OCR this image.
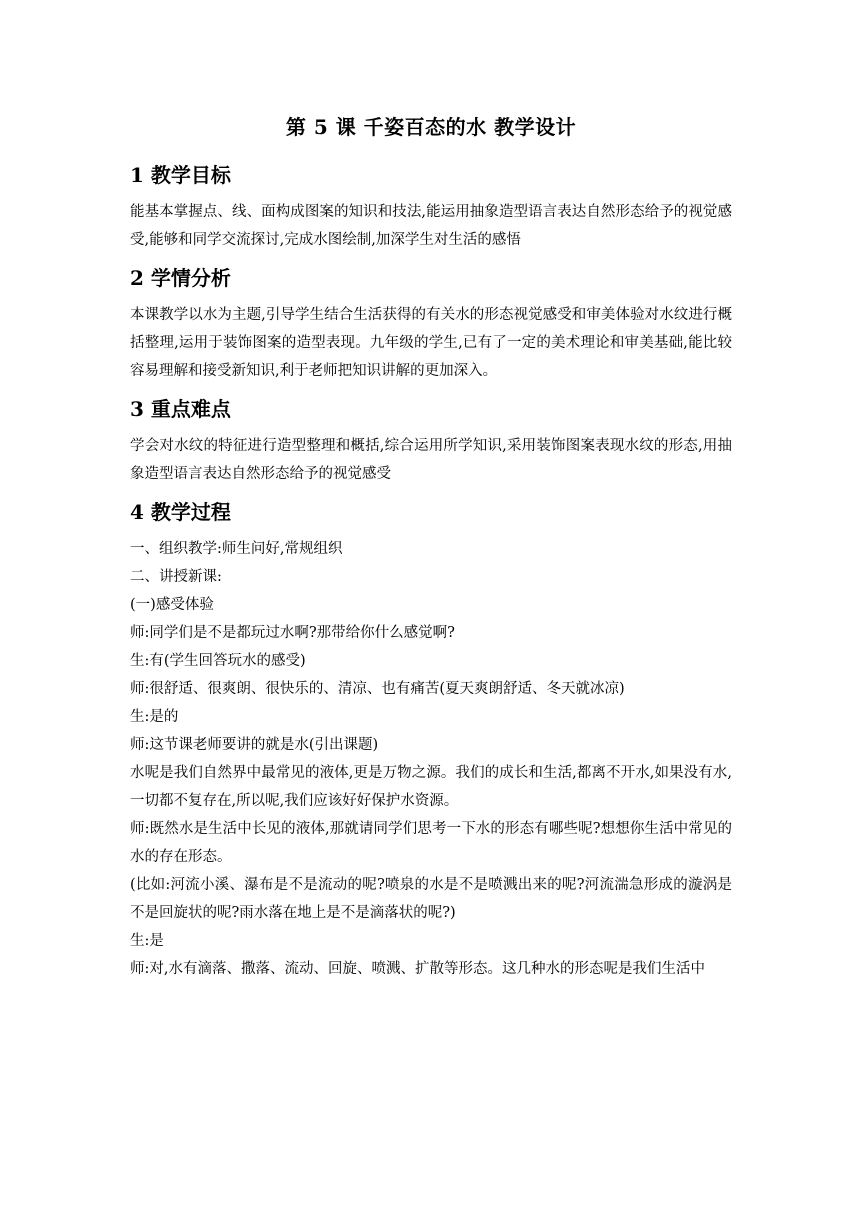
第 5 课 千姿百态的水 教学设计
1 教学目标

能基本掌握点、线、面构成图案的知识和技法,能运用抽象造型语言表达自然形态给予的视觉感受,能够和同学交流探讨,完成水图绘制,加深学生对生活的感悟

2 学情分析

本课教学以水为主题,引导学生结合生活获得的有关水的形态视觉感受和审美体验对水纹进行概括整理,运用于装饰图案的造型表现。九年级的学生,已有了一定的美术理论和审美基础,能比较容易理解和接受新知识,利于老师把知识讲解的更加深入。

3 重点难点

学会对水纹的特征进行造型整理和概括,综合运用所学知识,采用装饰图案表现水纹的形态,用抽象造型语言表达自然形态给予的视觉感受

4 教学过程

一、组织教学:师生问好,常规组织

二、讲授新课:

(一)感受体验

师:同学们是不是都玩过水啊?那带给你什么感觉啊?

生:有(学生回答玩水的感受)

师:很舒适、很爽朗、很快乐的、清凉、也有痛苦(夏天爽朗舒适、冬天就冰凉)

生:是的

师:这节课老师要讲的就是水(引出课题)

水呢是我们自然界中最常见的液体,更是万物之源。我们的成长和生活,都离不开水,如果没有水,一切都不复存在,所以呢,我们应该好好保护水资源。

师:既然水是生活中长见的液体,那就请同学们思考一下水的形态有哪些呢?想想你生活中常见的水的存在形态。

(比如:河流小溪、瀑布是不是流动的呢?喷泉的水是不是喷溅出来的呢?河流湍急形成的漩涡是不是回旋状的呢?雨水落在地上是不是滴落状的呢?)

生:是

师:对,水有滴落、撒落、流动、回旋、喷溅、扩散等形态。这几种水的形态呢是我们生活中
